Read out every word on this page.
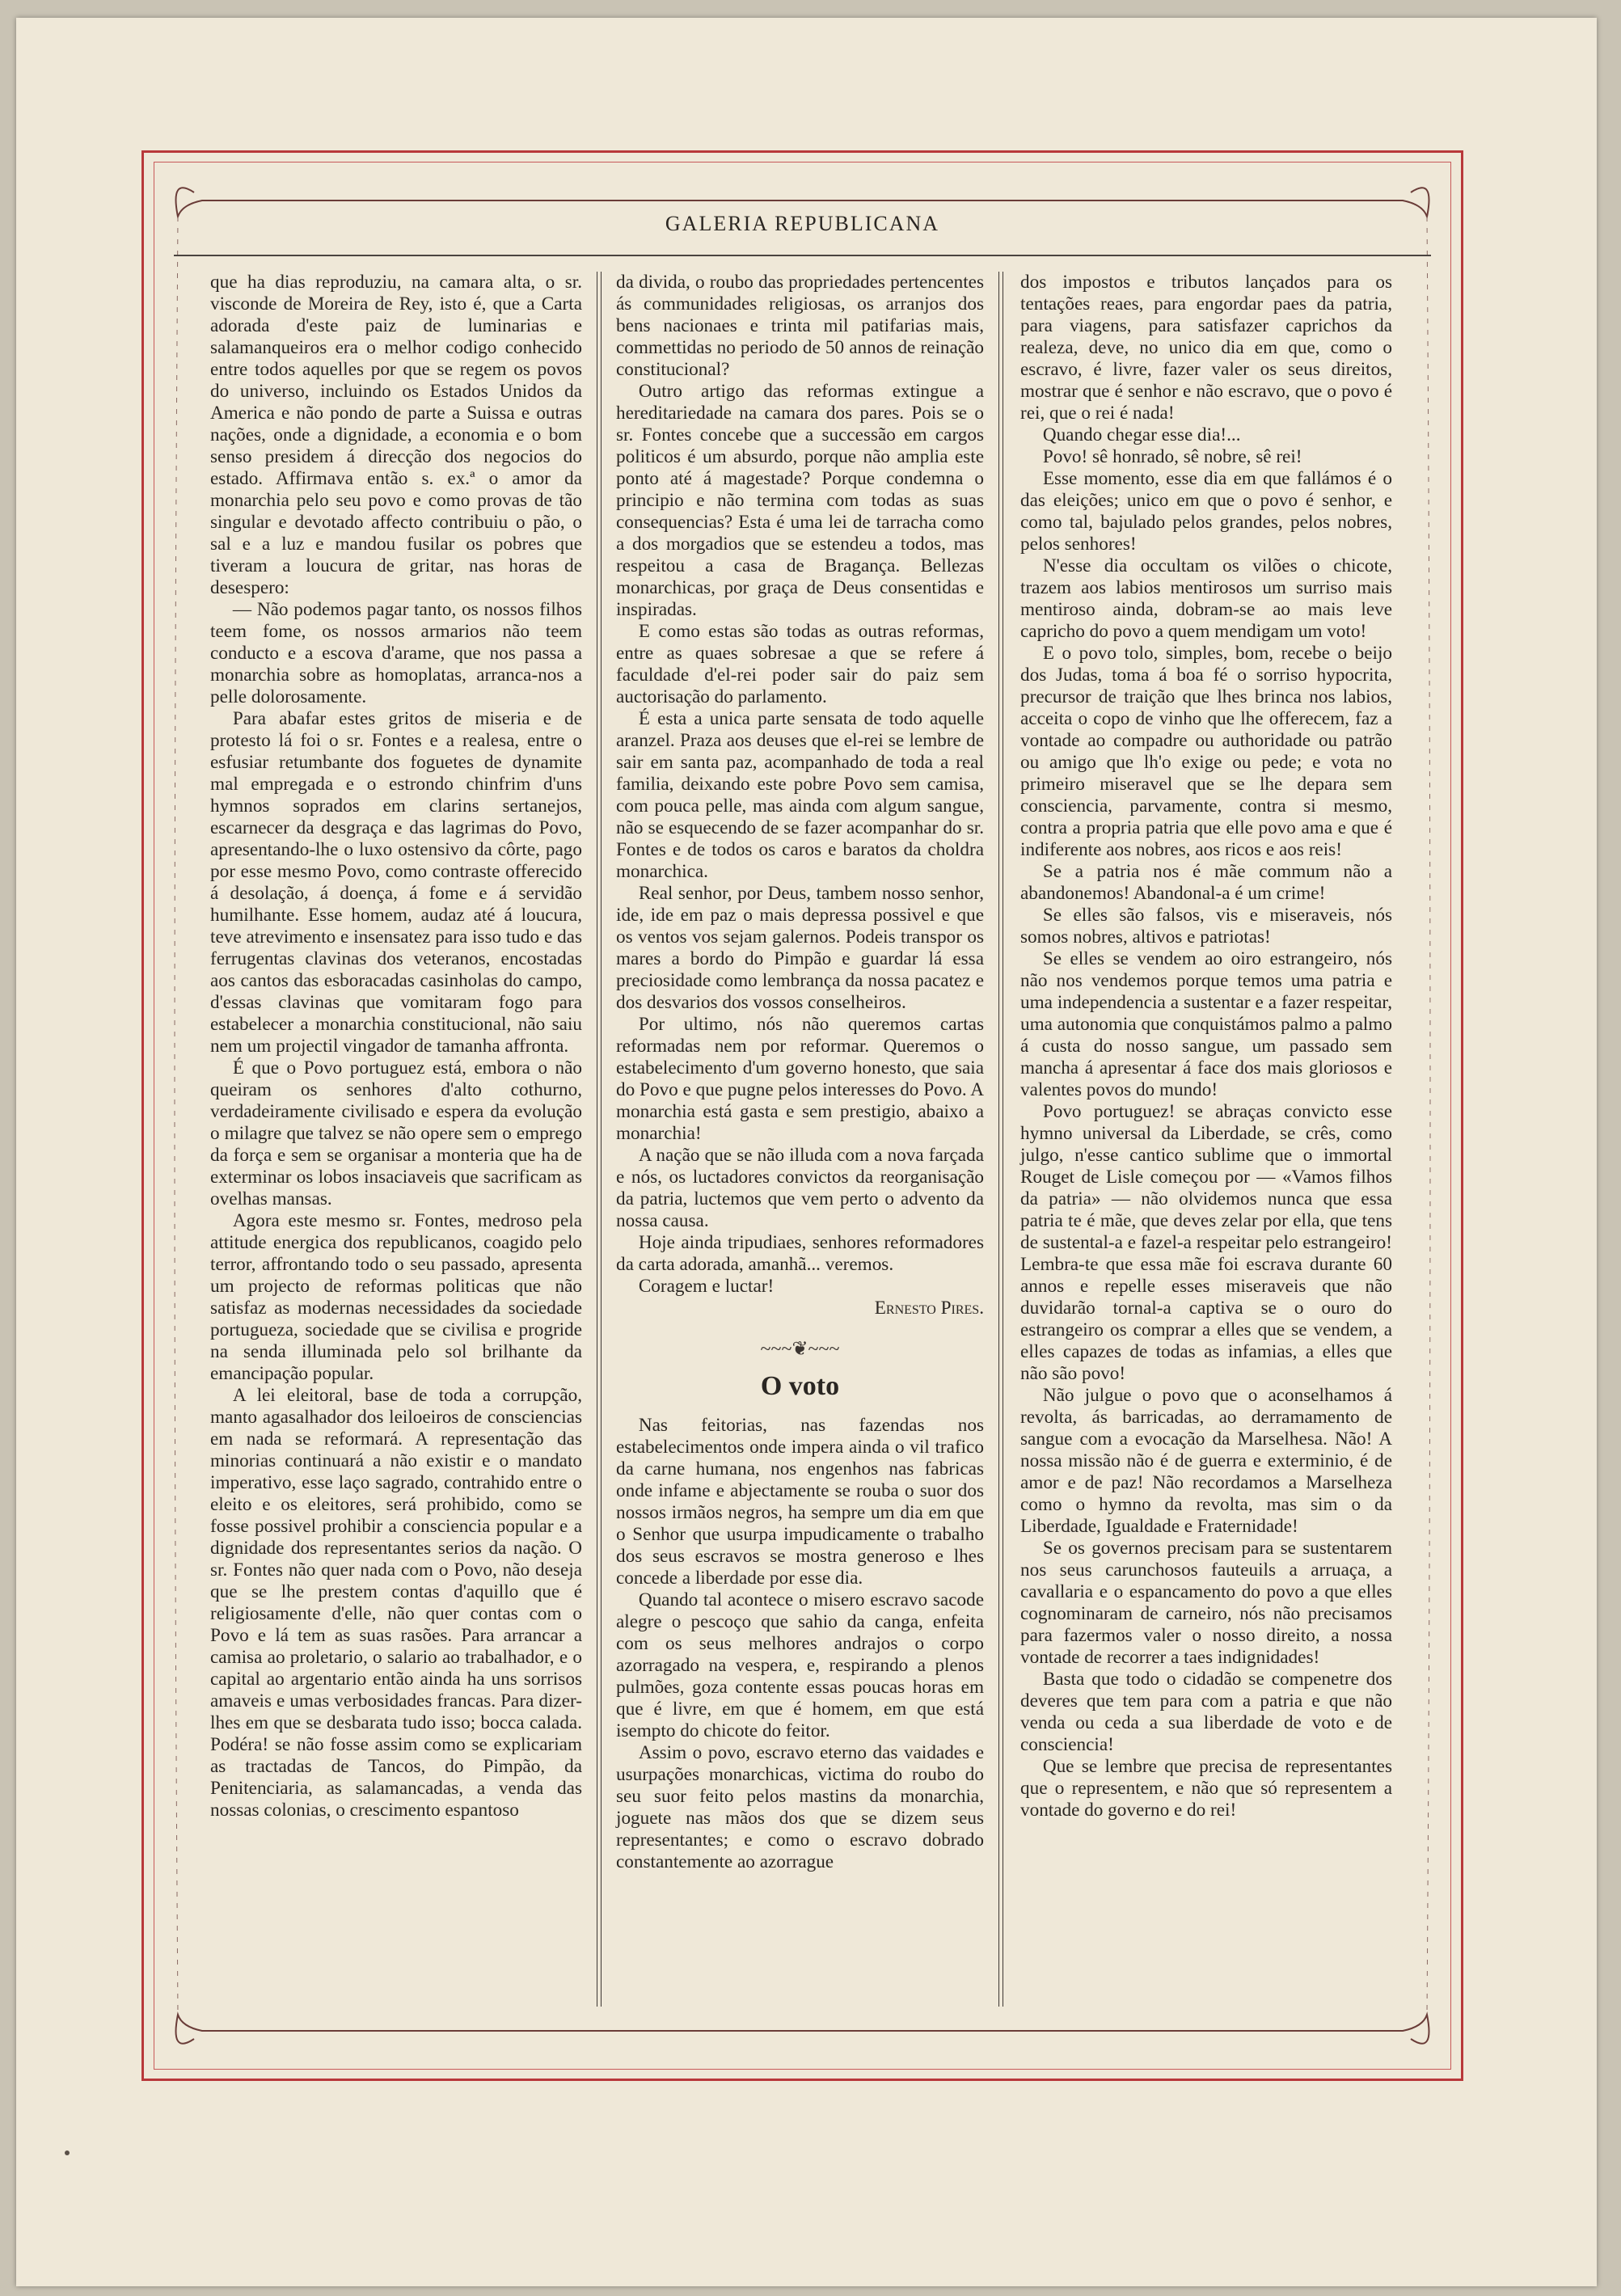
GALERIA REPUBLICANA

que ha dias reproduziu, na camara alta, o sr. visconde de Moreira de Rey, isto é, que a Carta adorada d'este paiz de luminarias e salamanqueiros era o melhor codigo conhecido entre todos aquelles por que se regem os povos do universo, incluindo os Estados Unidos da America e não pondo de parte a Suissa e outras nações, onde a dignidade, a economia e o bom senso presidem á direcção dos negocios do estado. Affirmava então s. ex.ª o amor da monarchia pelo seu povo e como provas de tão singular e devotado affecto contribuiu o pão, o sal e a luz e mandou fusilar os pobres que tiveram a loucura de gritar, nas horas de desespero:

— Não podemos pagar tanto, os nossos filhos teem fome, os nossos armarios não teem conducto e a escova d'arame, que nos passa a monarchia sobre as homoplatas, arranca-nos a pelle dolorosamente.

Para abafar estes gritos de miseria e de protesto lá foi o sr. Fontes e a realesa, entre o esfusiar retumbante dos foguetes de dynamite mal empregada e o estrondo chinfrim d'uns hymnos soprados em clarins sertanejos, escarnecer da desgraça e das lagrimas do Povo, apresentando-lhe o luxo ostensivo da côrte, pago por esse mesmo Povo, como contraste offerecido á desolação, á doença, á fome e á servidão humilhante. Esse homem, audaz até á loucura, teve atrevimento e insensatez para isso tudo e das ferrugentas clavinas dos veteranos, encostadas aos cantos das esboracadas casinholas do campo, d'essas clavinas que vomitaram fogo para estabelecer a monarchia constitucional, não saiu nem um projectil vingador de tamanha affronta.

É que o Povo portuguez está, embora o não queiram os senhores d'alto cothurno, verdadeiramente civilisado e espera da evolução o milagre que talvez se não opere sem o emprego da força e sem se organisar a monteria que ha de exterminar os lobos insaciaveis que sacrificam as ovelhas mansas.

Agora este mesmo sr. Fontes, medroso pela attitude energica dos republicanos, coagido pelo terror, affrontando todo o seu passado, apresenta um projecto de reformas politicas que não satisfaz as modernas necessidades da sociedade portugueza, sociedade que se civilisa e progride na senda illuminada pelo sol brilhante da emancipação popular.

A lei eleitoral, base de toda a corrupção, manto agasalhador dos leiloeiros de consciencias em nada se reformará. A representação das minorias continuará a não existir e o mandato imperativo, esse laço sagrado, contrahido entre o eleito e os eleitores, será prohibido, como se fosse possivel prohibir a consciencia popular e a dignidade dos representantes serios da nação. O sr. Fontes não quer nada com o Povo, não deseja que se lhe prestem contas d'aquillo que é religiosamente d'elle, não quer contas com o Povo e lá tem as suas rasões. Para arrancar a camisa ao proletario, o salario ao trabalhador, e o capital ao argentario então ainda ha uns sorrisos amaveis e umas verbosidades francas. Para dizer-lhes em que se desbarata tudo isso; bocca calada. Podéra! se não fosse assim como se explicariam as tractadas de Tancos, do Pimpão, da Penitenciaria, as salamancadas, a venda das nossas colonias, o crescimento espantoso

da divida, o roubo das propriedades pertencentes ás communidades religiosas, os arranjos dos bens nacionaes e trinta mil patifarias mais, commettidas no periodo de 50 annos de reinação constitucional?

Outro artigo das reformas extingue a hereditariedade na camara dos pares. Pois se o sr. Fontes concebe que a successão em cargos politicos é um absurdo, porque não amplia este ponto até á magestade? Porque condemna o principio e não termina com todas as suas consequencias? Esta é uma lei de tarracha como a dos morgadios que se estendeu a todos, mas respeitou a casa de Bragança. Bellezas monarchicas, por graça de Deus consentidas e inspiradas.

E como estas são todas as outras reformas, entre as quaes sobresae a que se refere á faculdade d'el-rei poder sair do paiz sem auctorisação do parlamento.

É esta a unica parte sensata de todo aquelle aranzel. Praza aos deuses que el-rei se lembre de sair em santa paz, acompanhado de toda a real familia, deixando este pobre Povo sem camisa, com pouca pelle, mas ainda com algum sangue, não se esquecendo de se fazer acompanhar do sr. Fontes e de todos os caros e baratos da choldra monarchica.

Real senhor, por Deus, tambem nosso senhor, ide, ide em paz o mais depressa possivel e que os ventos vos sejam galernos. Podeis transpor os mares a bordo do Pimpão e guardar lá essa preciosidade como lembrança da nossa pacatez e dos desvarios dos vossos conselheiros.

Por ultimo, nós não queremos cartas reformadas nem por reformar. Queremos o estabelecimento d'um governo honesto, que saia do Povo e que pugne pelos interesses do Povo. A monarchia está gasta e sem prestigio, abaixo a monarchia!

A nação que se não illuda com a nova farçada e nós, os luctadores convictos da reorganisação da patria, luctemos que vem perto o advento da nossa causa.

Hoje ainda tripudiaes, senhores reformadores da carta adorada, amanhã... veremos.

Coragem e luctar!

Ernesto Pires.

~~~❦~~~
O voto

Nas feitorias, nas fazendas nos estabelecimentos onde impera ainda o vil trafico da carne humana, nos engenhos nas fabricas onde infame e abjectamente se rouba o suor dos nossos irmãos negros, ha sempre um dia em que o Senhor que usurpa impudicamente o trabalho dos seus escravos se mostra generoso e lhes concede a liberdade por esse dia.

Quando tal acontece o misero escravo sacode alegre o pescoço que sahio da canga, enfeita com os seus melhores andrajos o corpo azorragado na vespera, e, respirando a plenos pulmões, goza contente essas poucas horas em que é livre, em que é homem, em que está isempto do chicote do feitor.

Assim o povo, escravo eterno das vaidades e usurpações monarchicas, victima do roubo do seu suor feito pelos mastins da monarchia, joguete nas mãos dos que se dizem seus representantes; e como o escravo dobrado constantemente ao azorrague

dos impostos e tributos lançados para os tentações reaes, para engordar paes da patria, para viagens, para satisfazer caprichos da realeza, deve, no unico dia em que, como o escravo, é livre, fazer valer os seus direitos, mostrar que é senhor e não escravo, que o povo é rei, que o rei é nada!

Quando chegar esse dia!...

Povo! sê honrado, sê nobre, sê rei!

Esse momento, esse dia em que fallámos é o das eleições; unico em que o povo é senhor, e como tal, bajulado pelos grandes, pelos nobres, pelos senhores!

N'esse dia occultam os vilões o chicote, trazem aos labios mentirosos um surriso mais mentiroso ainda, dobram-se ao mais leve capricho do povo a quem mendigam um voto!

E o povo tolo, simples, bom, recebe o beijo dos Judas, toma á boa fé o sorriso hypocrita, precursor de traição que lhes brinca nos labios, acceita o copo de vinho que lhe offerecem, faz a vontade ao compadre ou authoridade ou patrão ou amigo que lh'o exige ou pede; e vota no primeiro miseravel que se lhe depara sem consciencia, parvamente, contra si mesmo, contra a propria patria que elle povo ama e que é indiferente aos nobres, aos ricos e aos reis!

Se a patria nos é mãe commum não a abandonemos! Abandonal-a é um crime!

Se elles são falsos, vis e miseraveis, nós somos nobres, altivos e patriotas!

Se elles se vendem ao oiro estrangeiro, nós não nos vendemos porque temos uma patria e uma independencia a sustentar e a fazer respeitar, uma autonomia que conquistámos palmo a palmo á custa do nosso sangue, um passado sem mancha á apresentar á face dos mais gloriosos e valentes povos do mundo!

Povo portuguez! se abraças convicto esse hymno universal da Liberdade, se crês, como julgo, n'esse cantico sublime que o immortal Rouget de Lisle começou por — «Vamos filhos da patria» — não olvidemos nunca que essa patria te é mãe, que deves zelar por ella, que tens de sustental-a e fazel-a respeitar pelo estrangeiro! Lembra-te que essa mãe foi escrava durante 60 annos e repelle esses miseraveis que não duvidarão tornal-a captiva se o ouro do estrangeiro os comprar a elles que se vendem, a elles capazes de todas as infamias, a elles que não são povo!

Não julgue o povo que o aconselhamos á revolta, ás barricadas, ao derramamento de sangue com a evocação da Marselhesa. Não! A nossa missão não é de guerra e exterminio, é de amor e de paz! Não recordamos a Marselheza como o hymno da revolta, mas sim o da Liberdade, Igualdade e Fraternidade!

Se os governos precisam para se sustentarem nos seus carunchosos fauteuils a arruaça, a cavallaria e o espancamento do povo a que elles cognominaram de carneiro, nós não precisamos para fazermos valer o nosso direito, a nossa vontade de recorrer a taes indignidades!

Basta que todo o cidadão se compenetre dos deveres que tem para com a patria e que não venda ou ceda a sua liberdade de voto e de consciencia!

Que se lembre que precisa de representantes que o representem, e não que só representem a vontade do governo e do rei!
